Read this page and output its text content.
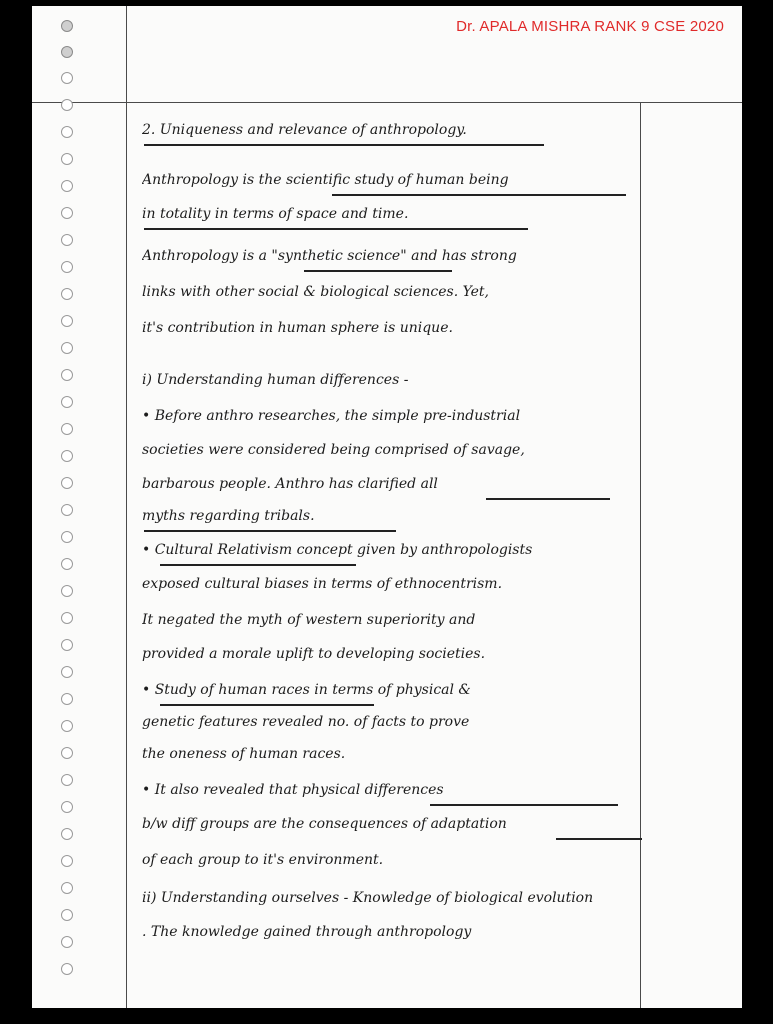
Dr. APALA MISHRA RANK 9 CSE 2020
2. Uniqueness and relevance of anthropology.
Anthropology is the scientific study of human being
in totality in terms of space and time.
Anthropology is a "synthetic science" and has strong
links with other social & biological sciences. Yet,
it's contribution in human sphere is unique.
i) Understanding human differences -
• Before anthro researches, the simple pre-industrial
societies were considered being comprised of savage,
barbarous people. Anthro has clarified all
myths regarding tribals.
• Cultural Relativism concept given by anthropologists
exposed cultural biases in terms of ethnocentrism.
It negated the myth of western superiority and
provided a morale uplift to developing societies.
• Study of human races in terms of physical &
genetic features revealed no. of facts to prove
the oneness of human races.
• It also revealed that physical differences
b/w diff groups are the consequences of adaptation
of each group to it's environment.
ii) Understanding ourselves - Knowledge of biological evolution
. The knowledge gained through anthropology
